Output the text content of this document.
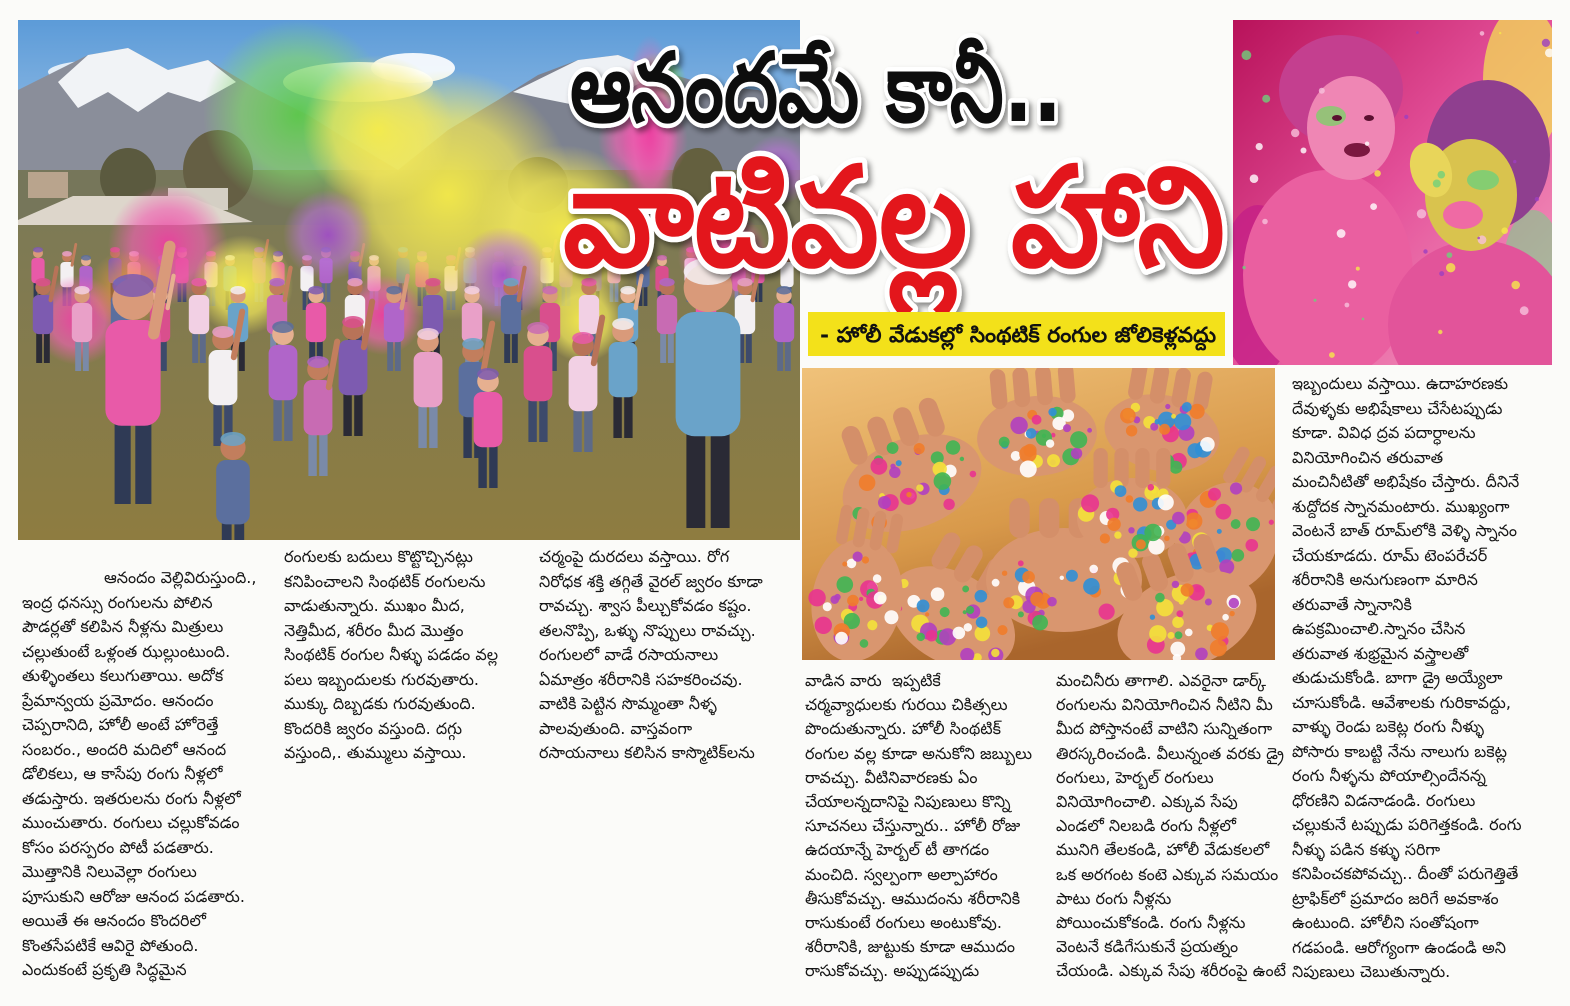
ఆనందమే కానీ..
వాటివల్ల హాని
- హోలీ వేడుకల్లో సింథటిక్ రంగుల జోలికెళ్లవద్దు
ఆనందం వెల్లివిరుస్తుంది.,
ఇంద్ర ధనస్సు రంగులను పోలిన
పౌడర్లతో కలిపిన నీళ్లను మిత్రులు
చల్లుతుంటే ఒళ్లంత ఝల్లుంటుంది.
తుళ్ళింతలు కలుగుతాయి. అదోక
ప్రేమాన్వయ ప్రమోదం. ఆనందం
చెప్పరానిది, హోలీ అంటే హోరెత్తే
సంబరం., అందరి మదిలో ఆనంద
డోలికలు, ఆ కాసేపు రంగు నీళ్లలో
తడుస్తారు. ఇతరులను రంగు నీళ్లలో
ముంచుతారు. రంగులు చల్లుకోవడం
కోసం పరస్పరం పోటీ పడతారు.
మొత్తానికి నిలువెల్లా రంగులు
పూసుకుని ఆరోజు ఆనంద పడతారు.
అయితే ఈ ఆనందం కొందరిలో
కొంతసేపటికే ఆవిరై పోతుంది.
ఎందుకంటే ప్రకృతి సిద్ధమైన
రంగులకు బదులు కొట్టొచ్చినట్లు
కనిపించాలని సింథటిక్ రంగులను
వాడుతున్నారు. ముఖం మీద,
నెత్తిమీద, శరీరం మీద మొత్తం
సింథటిక్ రంగుల నీళ్ళు పడడం వల్ల
పలు ఇబ్బందులకు గురవుతారు.
ముక్కు దిబ్బడకు గురవుతుంది.
కొందరికి జ్వరం వస్తుంది. దగ్గు
వస్తుంది,. తుమ్ములు వస్తాయి.
చర్మంపై దురదలు వస్తాయి. రోగ
నిరోధక శక్తి తగ్గితే వైరల్ జ్వరం కూడా
రావచ్చు. శ్వాస పీల్చుకోవడం కష్టం.
తలనొప్పి, ఒళ్ళు నొప్పులు రావచ్చు.
రంగులలో వాడే రసాయనాలు
ఏమాత్రం శరీరానికి సహకరించవు.
వాటికి పెట్టిన సొమ్మంతా నీళ్ళ
పాలవుతుంది. వాస్తవంగా
రసాయనాలు కలిసిన కాస్మొటిక్‌లను
వాడిన వారు  ఇప్పటికే
చర్మవ్యాధులకు గురయి చికిత్సలు
పొందుతున్నారు. హోలీ సింథటిక్
రంగుల వల్ల కూడా అనుకోని జబ్బులు
రావచ్చు. వీటినివారణకు ఏం
చేయాలన్నదానిపై నిపుణులు కొన్ని
సూచనలు చేస్తున్నారు.. హోలీ రోజు
ఉదయాన్నే హెర్బల్ టీ తాగడం
మంచిది. స్వల్పంగా అల్పాహారం
తీసుకోవచ్చు. ఆముదంను శరీరానికి
రాసుకుంటే రంగులు అంటుకోవు.
శరీరానికి, జుట్టుకు కూడా ఆముదం
రాసుకోవచ్చు. అప్పుడప్పుడు
మంచినీరు తాగాలి. ఎవరైనా డార్క్
రంగులను వినియోగించిన నీటిని మీ
మీద పోస్తానంటే వాటిని సున్నితంగా
తిరస్కరించండి. వీలున్నంత వరకు డ్రై
రంగులు, హెర్బల్ రంగులు
వినియోగించాలి. ఎక్కువ సేపు
ఎండలో నిలబడి రంగు నీళ్లలో
మునిగి తేలకండి, హోలీ వేడుకలలో
ఒక అరగంట కంటె ఎక్కువ సమయం
పాటు రంగు నీళ్లను
పోయించుకోకండి. రంగు నీళ్లను
వెంటనే కడిగేసుకునే ప్రయత్నం
చేయండి. ఎక్కువ సేపు శరీరంపై ఉంటే
ఇబ్బందులు వస్తాయి. ఉదాహరణకు
దేవుళ్ళకు అభిషేకాలు చేసేటప్పుడు
కూడా. వివిధ ద్రవ పదార్ధాలను
వినియోగించిన తరువాత
మంచినీటితో అభిషేకం చేస్తారు. దీనినే
శుద్దోదక స్నానమంటారు. ముఖ్యంగా
వెంటనే బాత్ రూమ్‌లోకి వెళ్ళి స్నానం
చేయకూడదు. రూమ్ టెంపరేచర్
శరీరానికి అనుగుణంగా మారిన
తరువాతే స్నానానికి
ఉపక్రమించాలి.స్నానం చేసిన
తరువాత శుభ్రమైన వస్త్రాలతో
తుడుచుకోండి. బాగా డ్రై అయ్యేలా
చూసుకోండి. ఆవేశాలకు గురికావద్దు,
వాళ్ళు రెండు బకెట్ల రంగు నీళ్ళు
పోసారు కాబట్టి నేను నాలుగు బకెట్ల
రంగు నీళ్ళను పోయాల్సిందేనన్న
ధోరణిని విడనాడండి. రంగులు
చల్లుకునే టప్పుడు పరిగెత్తకండి. రంగు
నీళ్ళు పడిన కళ్ళు సరిగా
కనిపించకపోవచ్చు.. దీంతో పరుగెత్తితే
ట్రాఫిక్‌లో ప్రమాదం జరిగే అవకాశం
ఉంటుంది. హోలీని సంతోషంగా
గడపండి. ఆరోగ్యంగా ఉండండి అని
నిపుణులు చెబుతున్నారు.
